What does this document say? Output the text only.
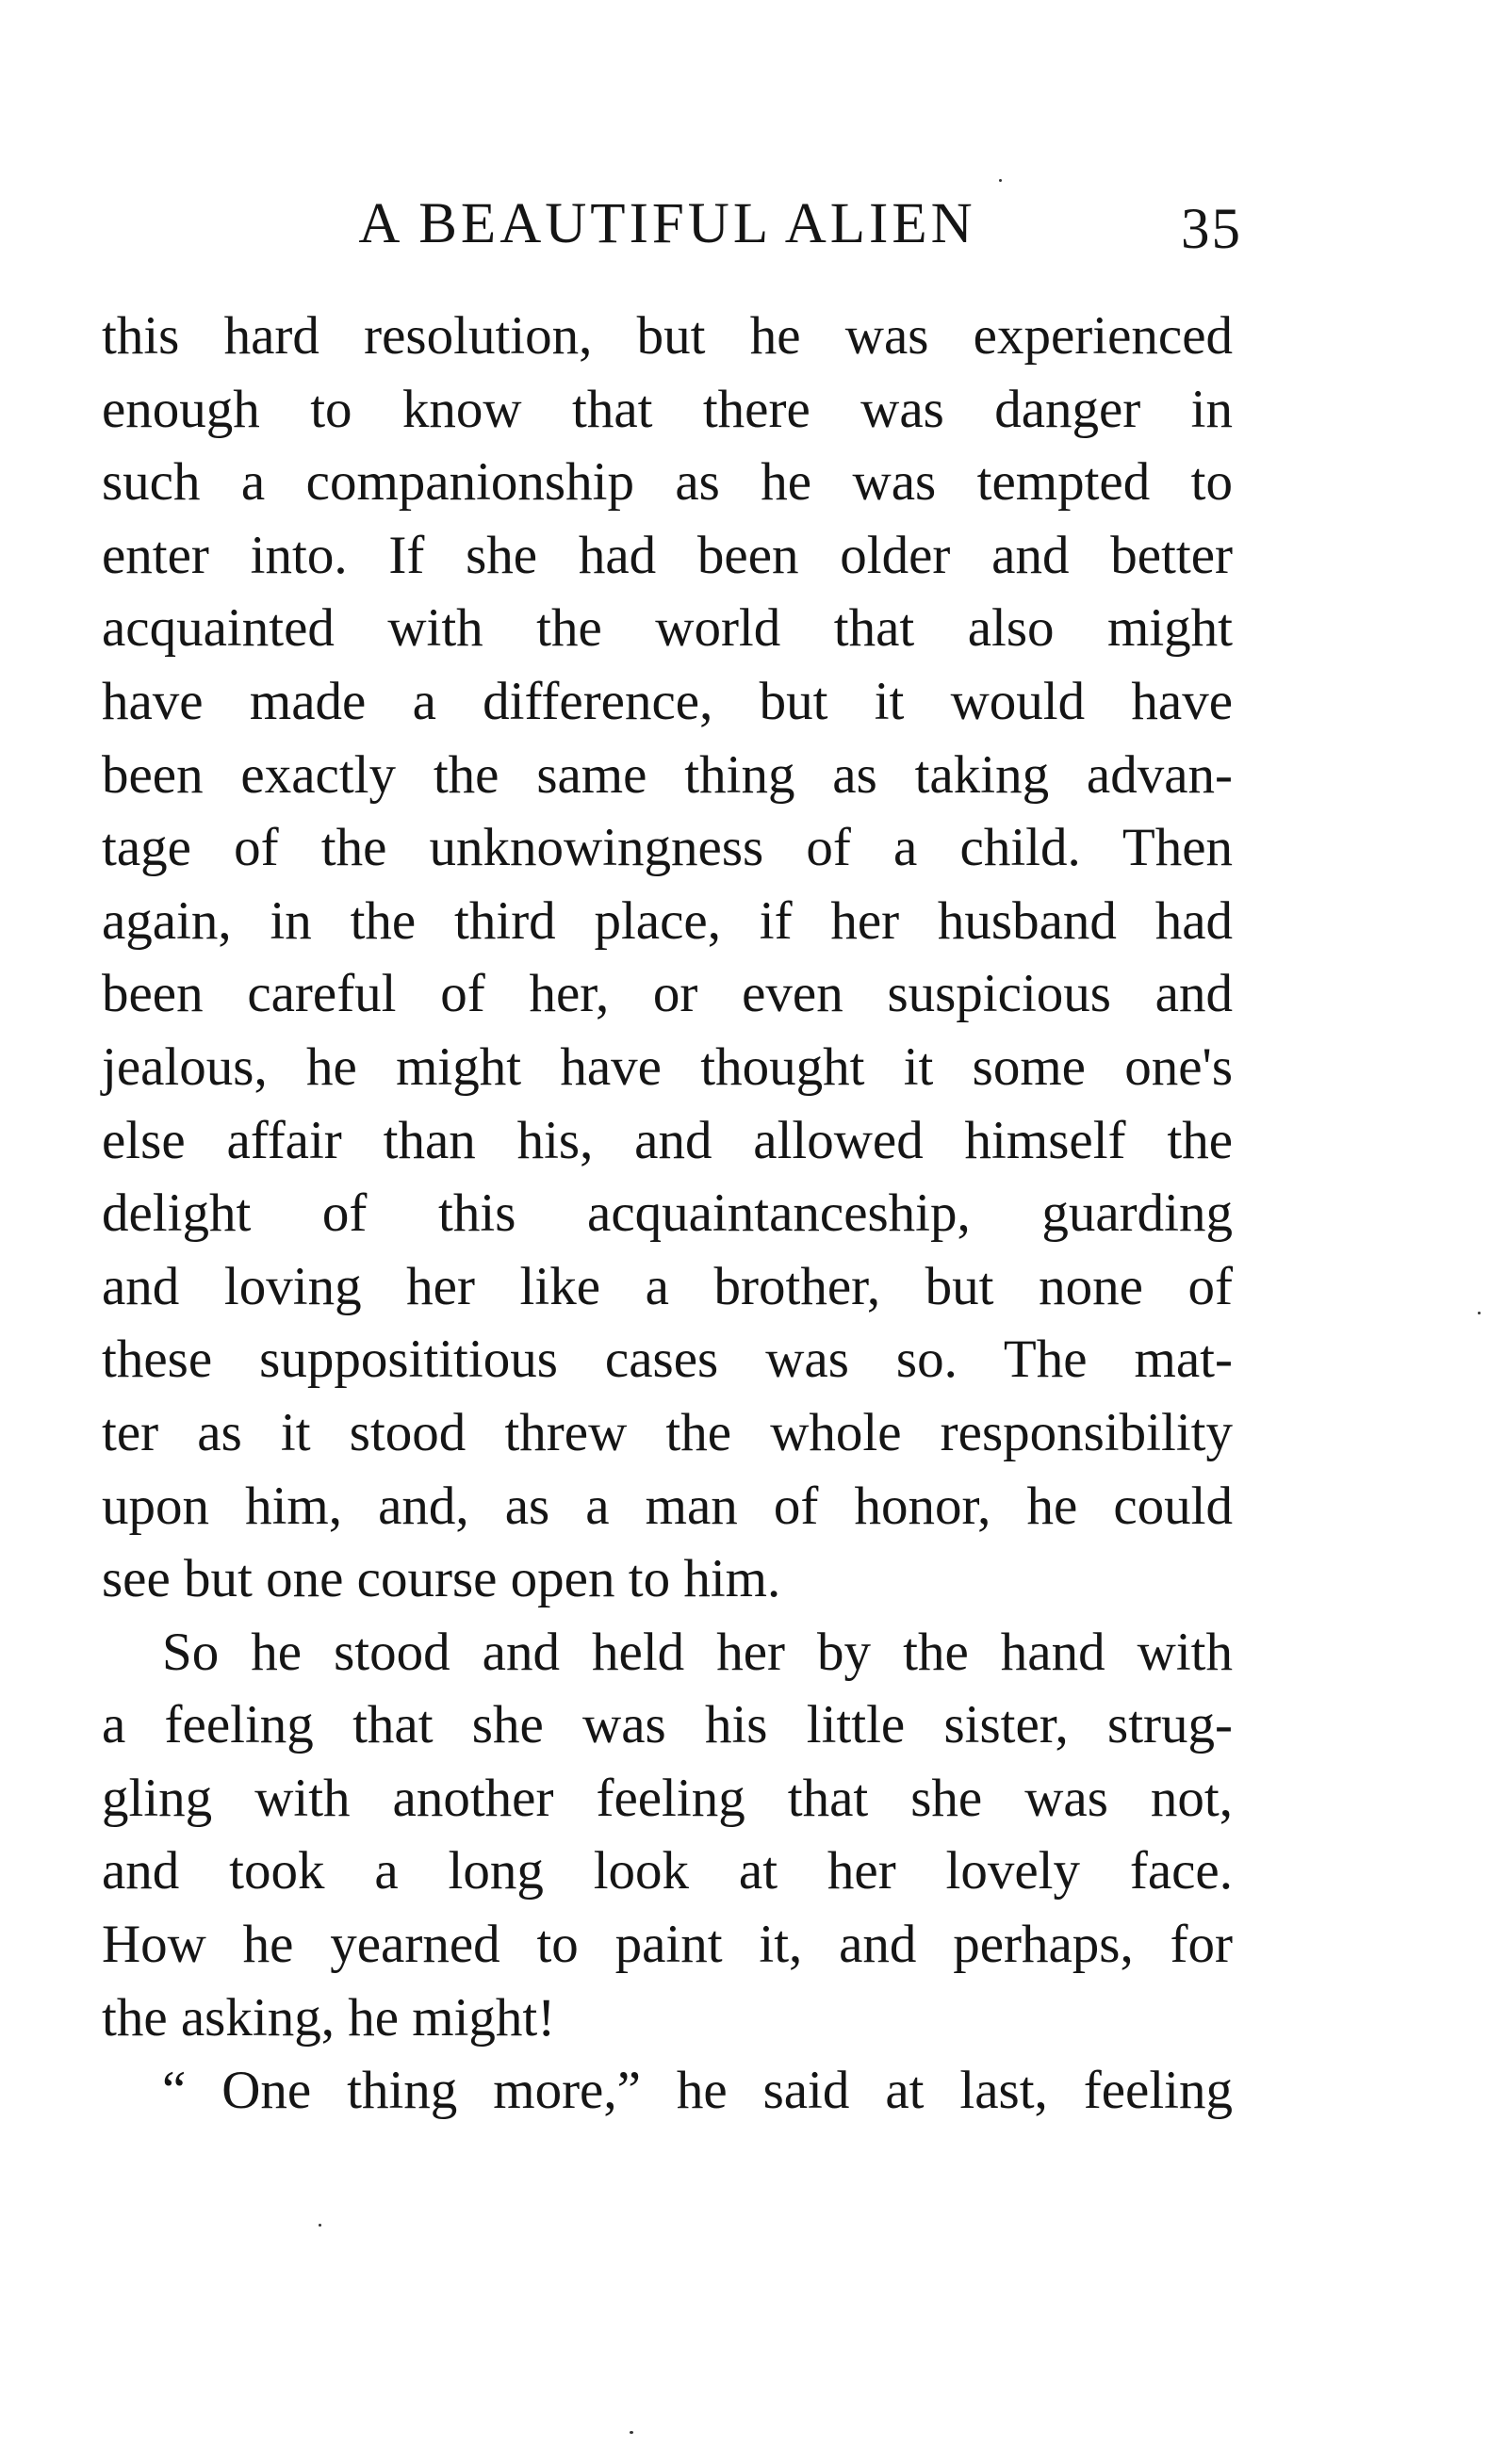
A BEAUTIFUL ALIEN	35
this hard resolution, but he was experienced
enough to know that there was danger in
such a companionship as he was tempted to
enter into. If she had been older and better
acquainted with the world that also might
have made a difference, but it would have
been exactly the same thing as taking advan-
tage of the unknowingness of a child. Then
again, in the third place, if her husband had
been careful of her, or even suspicious and
jealous, he might have thought it some one's
else affair than his, and allowed himself the
delight of this acquaintanceship, guarding
and loving her like a brother, but none of
these supposititious cases was so. The mat-
ter as it stood threw the whole responsibility
upon him, and, as a man of honor, he could
see but one course open to him.
So he stood and held her by the hand with
a feeling that she was his little sister, strug-
gling with another feeling that she was not,
and took a long look at her lovely face.
How he yearned to paint it, and perhaps, for
the asking, he might!
“ One thing more,” he said at last, feeling
